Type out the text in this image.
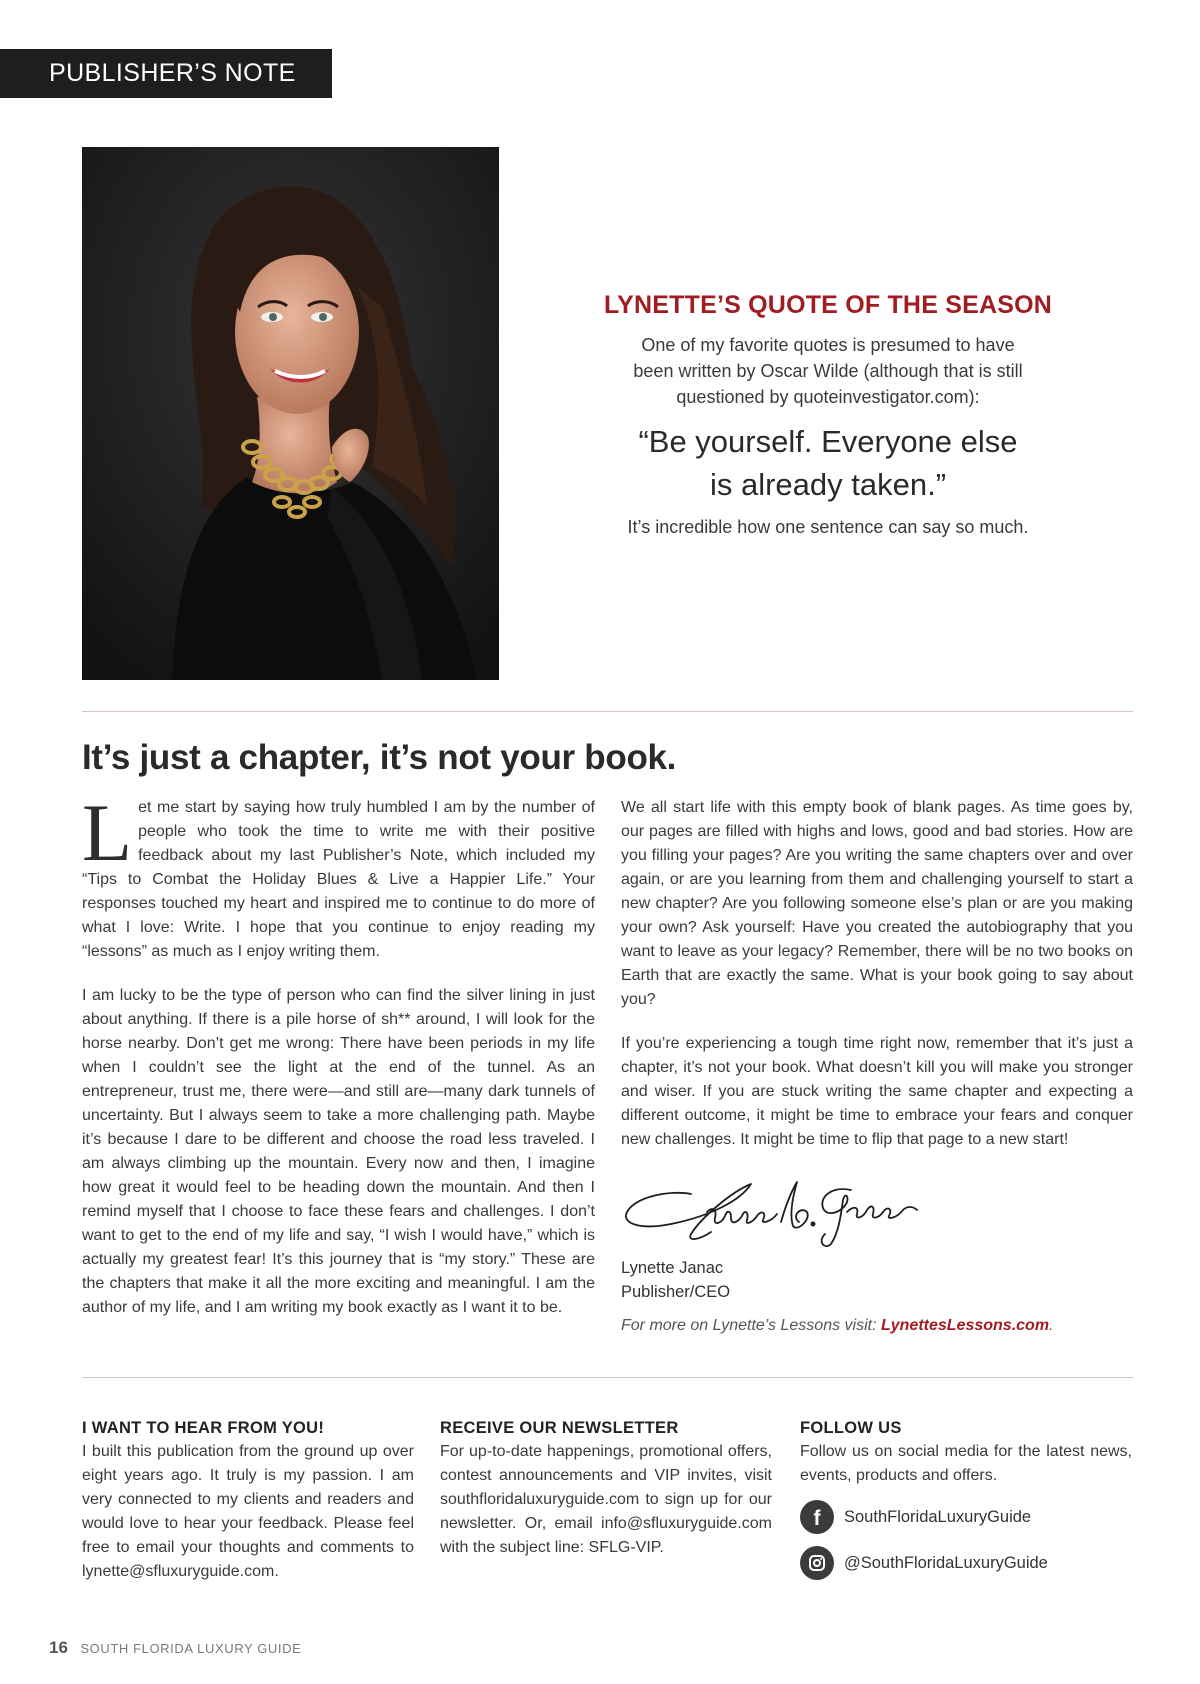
PUBLISHER’S NOTE
LYNETTE’S QUOTE OF THE SEASON
One of my favorite quotes is presumed to have
been written by Oscar Wilde (although that is still
questioned by quoteinvestigator.com):
“Be yourself. Everyone else
is already taken.”
It’s incredible how one sentence can say so much.
It’s just a chapter, it’s not your book.

Let me start by saying how truly humbled I am by the number of people who took the time to write me with their positive feedback about my last Publisher’s Note, which included my “Tips to Combat the Holiday Blues & Live a Happier Life.” Your responses touched my heart and inspired me to continue to do more of what I love: Write. I hope that you continue to enjoy reading my “lessons” as much as I enjoy writing them.

I am lucky to be the type of person who can find the silver lining in just about anything. If there is a pile horse of sh** around, I will look for the horse nearby. Don’t get me wrong: There have been periods in my life when I couldn’t see the light at the end of the tunnel. As an entrepreneur, trust me, there were—and still are—many dark tunnels of uncertainty. But I always seem to take a more challenging path. Maybe it’s because I dare to be different and choose the road less traveled. I am always climbing up the mountain. Every now and then, I imagine how great it would feel to be heading down the mountain. And then I remind myself that I choose to face these fears and challenges. I don’t want to get to the end of my life and say, “I wish I would have,” which is actually my greatest fear! It’s this journey that is “my story.” These are the chapters that make it all the more exciting and meaningful. I am the author of my life, and I am writing my book exactly as I want it to be.

We all start life with this empty book of blank pages. As time goes by, our pages are filled with highs and lows, good and bad stories. How are you filling your pages? Are you writing the same chapters over and over again, or are you learning from them and challenging yourself to start a new chapter? Are you following someone else’s plan or are you making your own? Ask yourself: Have you created the autobiography that you want to leave as your legacy? Remember, there will be no two books on Earth that are exactly the same. What is your book going to say about you?

If you’re experiencing a tough time right now, remember that it’s just a chapter, it’s not your book. What doesn’t kill you will make you stronger and wiser. If you are stuck writing the same chapter and expecting a different outcome, it might be time to embrace your fears and conquer new challenges. It might be time to flip that page to a new start!

Lynette Janac
Publisher/CEO
For more on Lynette’s Lessons visit: LynettesLessons.com.
I WANT TO HEAR FROM YOU!

I built this publication from the ground up over eight years ago. It truly is my passion. I am very connected to my clients and readers and would love to hear your feedback. Please feel free to email your thoughts and comments to lynette@sfluxuryguide.com.

RECEIVE OUR NEWSLETTER

For up-to-date happenings, promotional offers, contest announcements and VIP invites, visit southfloridaluxuryguide.com to sign up for our newsletter. Or, email info@sfluxuryguide.com with the subject line: SFLG-VIP.

FOLLOW US

Follow us on social media for the latest news, events, products and offers.

f SouthFloridaLuxuryGuide
@SouthFloridaLuxuryGuide
16 SOUTH FLORIDA LUXURY GUIDE
